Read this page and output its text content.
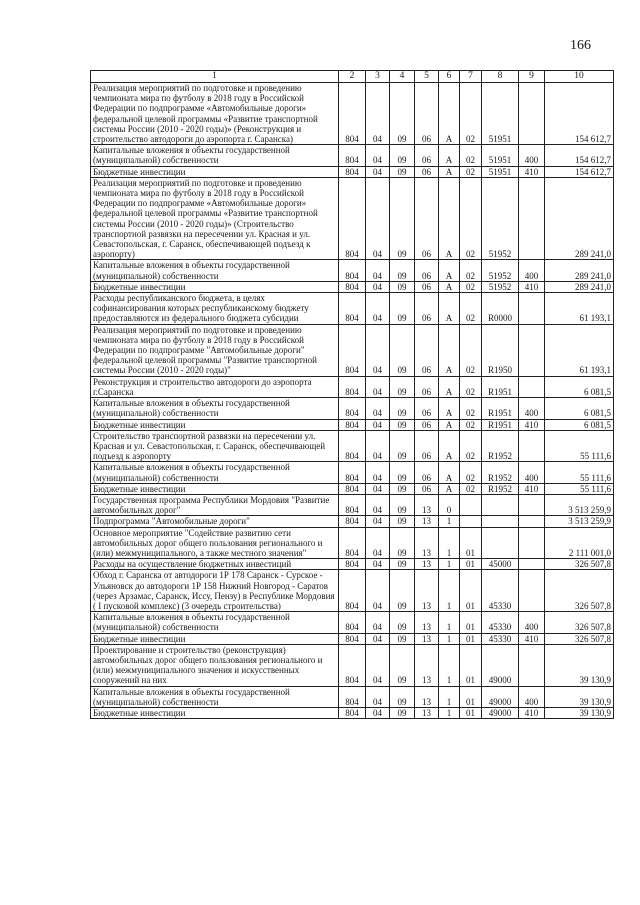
166
1	2	3	4	5	6	7	8	9	10
Реализация мероприятий по подготовке и проведению чемпионата мира по футболу в 2018 году в Российской Федерации по подпрограмме «Автомобильные дороги» федеральной целевой программы «Развитие транспортной системы России (2010 - 2020 годы)» (Реконструкция и строительство автодороги до аэропорта г. Саранска)	804	04	09	06	А	02	51951		154 612,7
Капитальные вложения в объекты государственной (муниципальной) собственности	804	04	09	06	А	02	51951	400	154 612,7
Бюджетные инвестиции	804	04	09	06	А	02	51951	410	154 612,7
Реализация мероприятий по подготовке и проведению чемпионата мира по футболу в 2018 году в Российской Федерации по подпрограмме «Автомобильные дороги» федеральной целевой программы «Развитие транспортной системы России (2010 - 2020 годы)» (Строительство транспортной развязки на пересечении ул. Красная и ул. Севастопольская, г. Саранск, обеспечивающей подъезд к аэропорту)	804	04	09	06	А	02	51952		289 241,0
Капитальные вложения в объекты государственной (муниципальной) собственности	804	04	09	06	А	02	51952	400	289 241,0
Бюджетные инвестиции	804	04	09	06	А	02	51952	410	289 241,0
Расходы республиканского бюджета, в целях софинансирования которых республиканскому бюджету предоставляются из федерального бюджета субсидии	804	04	09	06	А	02	R0000		61 193,1
Реализация мероприятий по подготовке и проведению чемпионата мира по футболу в 2018 году в Российской Федерации по подпрограмме "Автомобильные дороги" федеральной целевой программы "Развитие транспортной системы России (2010 - 2020 годы)"	804	04	09	06	А	02	R1950		61 193,1
Реконструкция и строительство автодороги до аэропорта г.Саранска	804	04	09	06	А	02	R1951		6 081,5
Капитальные вложения в объекты государственной (муниципальной) собственности	804	04	09	06	А	02	R1951	400	6 081,5
Бюджетные инвестиции	804	04	09	06	А	02	R1951	410	6 081,5
Строительство транспортной развязки на пересечении ул. Красная и ул. Севастопольская, г. Саранск, обеспечивающей подъезд к аэропорту	804	04	09	06	А	02	R1952		55 111,6
Капитальные вложения в объекты государственной (муниципальной) собственности	804	04	09	06	А	02	R1952	400	55 111,6
Бюджетные инвестиции	804	04	09	06	А	02	R1952	410	55 111,6
Государственная программа Республики Мордовия "Развитие автомобильных дорог"	804	04	09	13	0				3 513 259,9
Подпрограмма "Автомобильные дороги"	804	04	09	13	1				3 513 259,9
Основное мероприятие "Содействие развитию сети автомобильных дорог общего пользования регионального и (или) межмуниципального, а также местного значения"	804	04	09	13	1	01			2 111 001,0
Расходы на осуществление бюджетных инвестиций	804	04	09	13	1	01	45000		326 507,8
Обход г. Саранска от автодороги 1Р 178 Саранск - Сурское - Ульяновск до автодороги 1Р 158 Нижний Новгород - Саратов (через Арзамас, Саранск, Иссу, Пензу) в Республике Мордовия ( I пусковой комплекс) (3 очередь строительства)	804	04	09	13	1	01	45330		326 507,8
Капитальные вложения в объекты государственной (муниципальной) собственности	804	04	09	13	1	01	45330	400	326 507,8
Бюджетные инвестиции	804	04	09	13	1	01	45330	410	326 507,8
Проектирование и строительство (реконструкция) автомобильных дорог общего пользования регионального и (или) межмуниципального значения и искусственных сооружений на них	804	04	09	13	1	01	49000		39 130,9
Капитальные вложения в объекты государственной (муниципальной) собственности	804	04	09	13	1	01	49000	400	39 130,9
Бюджетные инвестиции	804	04	09	13	1	01	49000	410	39 130,9
